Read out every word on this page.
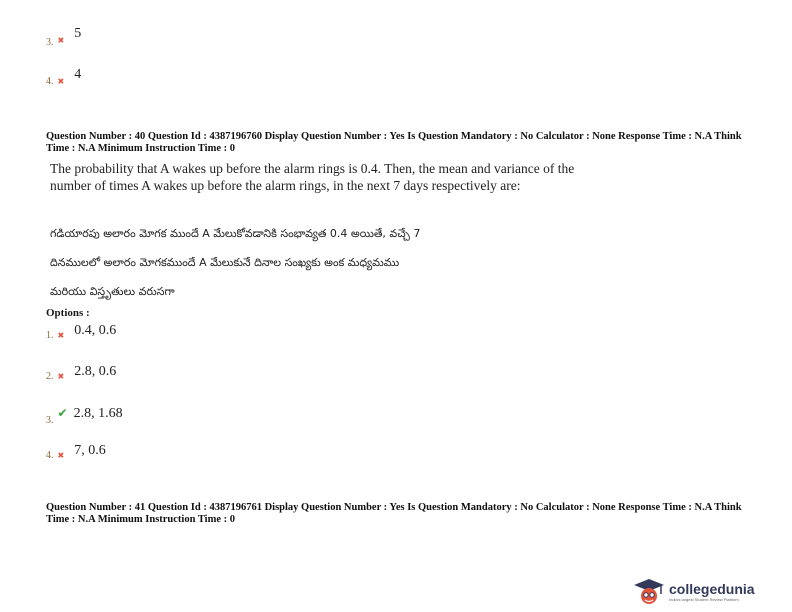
3. ✖ 5
4. ✖ 4
Question Number : 40 Question Id : 4387196760 Display Question Number : Yes Is Question Mandatory : No Calculator : None Response Time : N.A Think Time : N.A Minimum Instruction Time : 0
The probability that A wakes up before the alarm rings is 0.4. Then, the mean and variance of the number of times A wakes up before the alarm rings, in the next 7 days respectively are:
గడియారపు అలారం మోగక ముందే A మేలుకోవడానికి సంభావ్యత 0.4 అయితే, వచ్చే 7
దినములలో అలారం మోగకముందే A మేలుకునే దినాల సంఖ్యకు అంక మధ్యమము
మరియు విస్తృతులు వరుసగా
Options :
1. ✖ 0.4, 0.6
2. ✖ 2.8, 0.6
$_{3.}$ ✔ 2.8, 1.68
4. ✖ 7, 0.6
Question Number : 41 Question Id : 4387196761 Display Question Number : Yes Is Question Mandatory : No Calculator : None Response Time : N.A Think Time : N.A Minimum Instruction Time : 0
collegedunia
India's largest Student Review Platform
